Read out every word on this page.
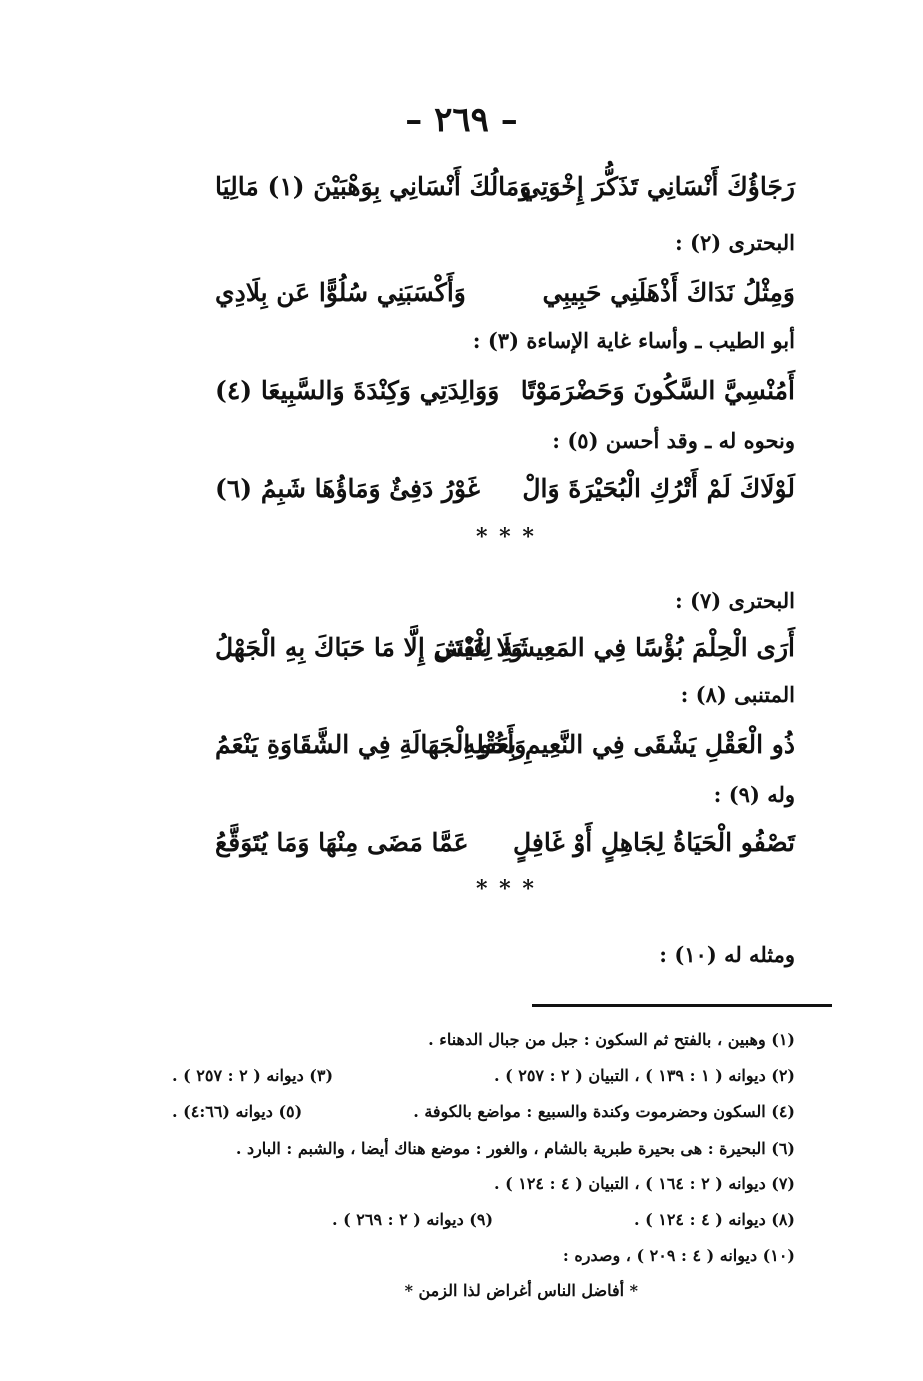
– ٢٦٩ –
رَجَاؤُكَ أَنْسَانِي تَذَكُّرَ إِخْوَتِي
وَمَالُكَ أَنْسَانِي بِوَهْبَيْنَ (١) مَالِيَا
البحترى (٢) :
وَمِثْلُ نَدَاكَ أَذْهَلَنِي حَبِيبِي
وَأَكْسَبَنِي سُلُوًّا عَن بِلَادِي
أبو الطيب ـ وأساء غاية الإساءة (٣) :
أَمُنْسِيَّ السَّكُونَ وَحَضْرَمَوْتًا
وَوَالِدَتِي وَكِنْدَةَ وَالسَّبِيعَا (٤)
ونحوه له ـ وقد أحسن (٥) :
لَوْلَاكَ لَمْ أَتْرُكِ الْبُحَيْرَةَ وَالْ
غَوْرُ دَفِئٌ وَمَاؤُهَا شَبِمُ (٦)
* * *
البحترى (٧) :
أَرَى الْحِلْمَ بُؤْسًا فِي المَعِيشَةِ لِلْفَتَى
وَلَا عَيْشَ إِلَّا مَا حَبَاكَ بِهِ الْجَهْلُ
المتنبى (٨) :
ذُو الْعَقْلِ يَشْقَى فِي النَّعِيمِ بِعَقْلِهِ
وَأَخُو الْجَهَالَةِ فِي الشَّقَاوَةِ يَنْعَمُ
وله (٩) :
تَصْفُو الْحَيَاةُ لِجَاهِلٍ أَوْ غَافِلٍ
عَمَّا مَضَى مِنْهَا وَمَا يُتَوَقَّعُ
* * *
ومثله له (١٠) :
(١) وهبين ، بالفتح ثم السكون : جبل من جبال الدهناء .
(٢) ديوانه ( ١ : ١٣٩ ) ، التبيان ( ٢ : ٢٥٧ ) .
(٣) ديوانه ( ٢ : ٢٥٧ ) .
(٤) السكون وحضرموت وكندة والسبيع : مواضع بالكوفة .
(٥) ديوانه (٤:٦٦) .
(٦) البحيرة : هى بحيرة طبرية بالشام ، والغور : موضع هناك أيضا ، والشبم : البارد .
(٧) ديوانه ( ٢ : ١٦٤ ) ، التبيان ( ٤ : ١٢٤ ) .
(٨) ديوانه ( ٤ : ١٢٤ ) .
(٩) ديوانه ( ٢ : ٢٦٩ ) .
(١٠) ديوانه ( ٤ : ٢٠٩ ) ، وصدره :
* أفاضل الناس أغراض لذا الزمن *
